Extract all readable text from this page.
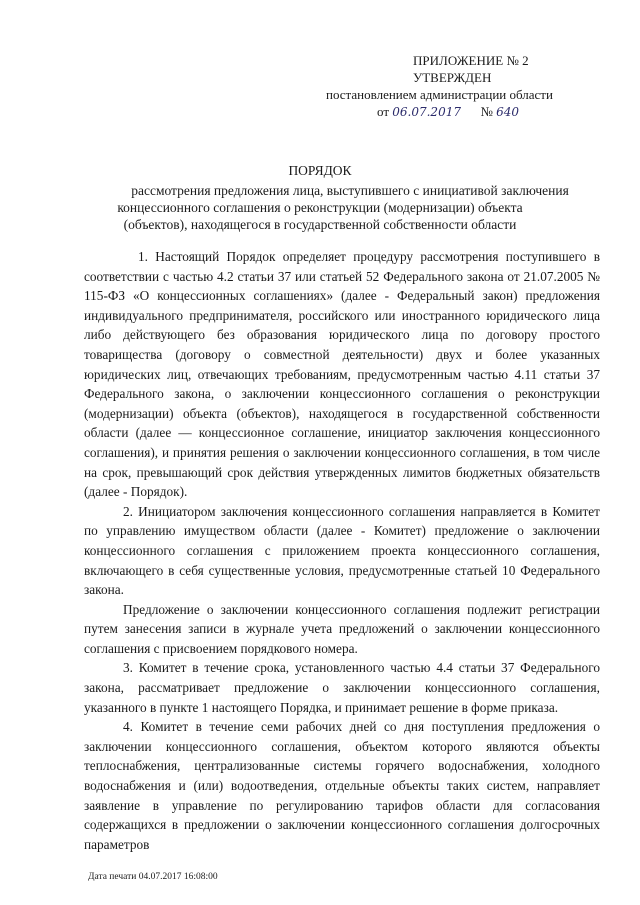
ПРИЛОЖЕНИЕ № 2
УТВЕРЖДЕН
постановлением администрации области
от 06.07.2017 № 640
ПОРЯДОК
рассмотрения предложения лица, выступившего с инициативой заключения
концессионного соглашения о реконструкции (модернизации) объекта
(объектов), находящегося в государственной собственности области

1. Настоящий Порядок определяет процедуру рассмотрения поступившего в соответствии с частью 4.2 статьи 37 или статьей 52 Федерального закона от 21.07.2005 № 115-ФЗ «О концессионных соглашениях» (далее - Федеральный закон) предложения индивидуального предпринимателя, российского или иностранного юридического лица либо действующего без образования юридического лица по договору простого товарищества (договору о совместной деятельности) двух и более указанных юридических лиц, отвечающих требованиям, предусмотренным частью 4.11 статьи 37 Федерального закона, о заключении концессионного соглашения о реконструкции (модернизации) объекта (объектов), находящегося в государственной собственности области (далее — концессионное соглашение, инициатор заключения концессионного соглашения), и принятия решения о заключении концессионного соглашения, в том числе на срок, превышающий срок действия утвержденных лимитов бюджетных обязательств (далее - Порядок).

2. Инициатором заключения концессионного соглашения направляется в Комитет по управлению имуществом области (далее - Комитет) предложение о заключении концессионного соглашения с приложением проекта концессионного соглашения, включающего в себя существенные условия, предусмотренные статьей 10 Федерального закона.

Предложение о заключении концессионного соглашения подлежит регистрации путем занесения записи в журнале учета предложений о заключении концессионного соглашения с присвоением порядкового номера.

3. Комитет в течение срока, установленного частью 4.4 статьи 37 Федерального закона, рассматривает предложение о заключении концессионного соглашения, указанного в пункте 1 настоящего Порядка, и принимает решение в форме приказа.

4. Комитет в течение семи рабочих дней со дня поступления предложения о заключении концессионного соглашения, объектом которого являются объекты теплоснабжения, централизованные системы горячего водоснабжения, холодного водоснабжения и (или) водоотведения, отдельные объекты таких систем, направляет заявление в управление по регулированию тарифов области для согласования содержащихся в предложении о заключении концессионного соглашения долгосрочных параметров

Дата печати 04.07.2017 16:08:00
